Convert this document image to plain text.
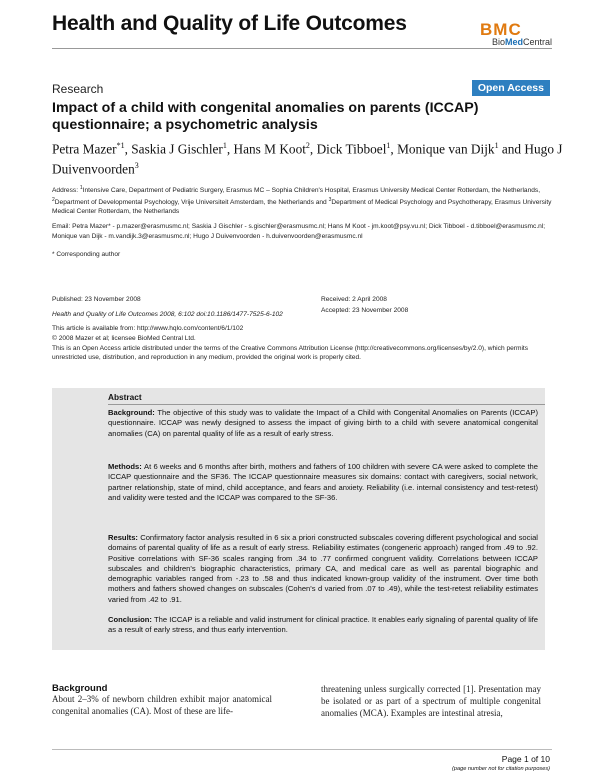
Health and Quality of Life Outcomes	BMC
BioMedCentral
Research	Open Access
Impact of a child with congenital anomalies on parents (ICCAP) questionnaire; a psychometric analysis
Petra Mazer$^{*1}$, Saskia J Gischler$^1$, Hans M Koot$^2$, Dick Tibboel$^1$, Monique van Dijk$^1$ and Hugo J Duivenvoorden$^3$
Address: $^1$Intensive Care, Department of Pediatric Surgery, Erasmus MC – Sophia Children's Hospital, Erasmus University Medical Center Rotterdam, the Netherlands, $^2$Department of Developmental Psychology, Vrije Universiteit Amsterdam, the Netherlands and $^3$Department of Medical Psychology and Psychotherapy, Erasmus University Medical Center Rotterdam, the Netherlands
Email: Petra Mazer* - p.mazer@erasmusmc.nl; Saskia J Gischler - s.gischler@erasmusmc.nl; Hans M Koot - jm.koot@psy.vu.nl; Dick Tibboel - d.tibboel@erasmusmc.nl; Monique van Dijk - m.vandijk.3@erasmusmc.nl; Hugo J Duivenvoorden - h.duivenvoorden@erasmusmc.nl
* Corresponding author
Published: 23 November 2008
Health and Quality of Life Outcomes 2008, 6:102 doi:10.1186/1477-7525-6-102
This article is available from: http://www.hqlo.com/content/6/1/102
Received: 2 April 2008
Accepted: 23 November 2008
© 2008 Mazer et al; licensee BioMed Central Ltd.
This is an Open Access article distributed under the terms of the Creative Commons Attribution License (http://creativecommons.org/licenses/by/2.0), which permits unrestricted use, distribution, and reproduction in any medium, provided the original work is properly cited.
Abstract
Background: The objective of this study was to validate the Impact of a Child with Congenital Anomalies on Parents (ICCAP) questionnaire. ICCAP was newly designed to assess the impact of giving birth to a child with severe anatomical congenital anomalies (CA) on parental quality of life as a result of early stress.
Methods: At 6 weeks and 6 months after birth, mothers and fathers of 100 children with severe CA were asked to complete the ICCAP questionnaire and the SF36. The ICCAP questionnaire measures six domains: contact with caregivers, social network, partner relationship, state of mind, child acceptance, and fears and anxiety. Reliability (i.e. internal consistency and test-retest) and validity were tested and the ICCAP was compared to the SF-36.
Results: Confirmatory factor analysis resulted in 6 six a priori constructed subscales covering different psychological and social domains of parental quality of life as a result of early stress. Reliability estimates (congeneric approach) ranged from .49 to .92. Positive correlations with SF-36 scales ranging from .34 to .77 confirmed congruent validity. Correlations between ICCAP subscales and children's biographic characteristics, primary CA, and medical care as well as parental biographic and demographic variables ranged from -.23 to .58 and thus indicated known-group validity of the instrument. Over time both mothers and fathers showed changes on subscales (Cohen's d varied from .07 to .49), while the test-retest reliability estimates varied from .42 to .91.
Conclusion: The ICCAP is a reliable and valid instrument for clinical practice. It enables early signaling of parental quality of life as a result of early stress, and thus early intervention.
Background
About 2–3% of newborn children exhibit major anatomical congenital anomalies (CA). Most of these are life-
threatening unless surgically corrected [1]. Presentation may be isolated or as part of a spectrum of multiple congenital anomalies (MCA). Examples are intestinal atresia,
Page 1 of 10
(page number not for citation purposes)
